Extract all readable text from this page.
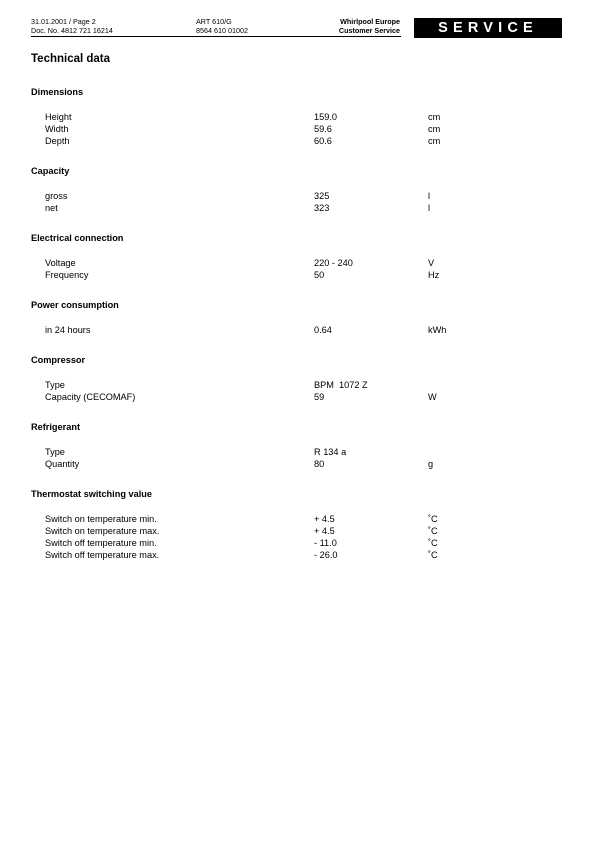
31.01.2001 / Page 2
Doc. No. 4812 721 16214
ART 610/G
8564 610 01002
Whirlpool Europe
Customer Service	SERVICE
Technical data
Dimensions
Height	159.0	cm
Width	59.6	cm
Depth	60.6	cm
Capacity
gross	325	l
net	323	l
Electrical connection
Voltage	220 - 240	V
Frequency	50	Hz
Power consumption
in 24 hours	0.64	kWh
Compressor
Type	BPM  1072 Z
Capacity (CECOMAF)	59	W
Refrigerant
Type	R 134 a
Quantity	80	g
Thermostat switching value
Switch on temperature min.	+ 4.5	˚C
Switch on temperature max.	+ 4.5	˚C
Switch off temperature min.	- 11.0	˚C
Switch off temperature max.	- 26.0	˚C
